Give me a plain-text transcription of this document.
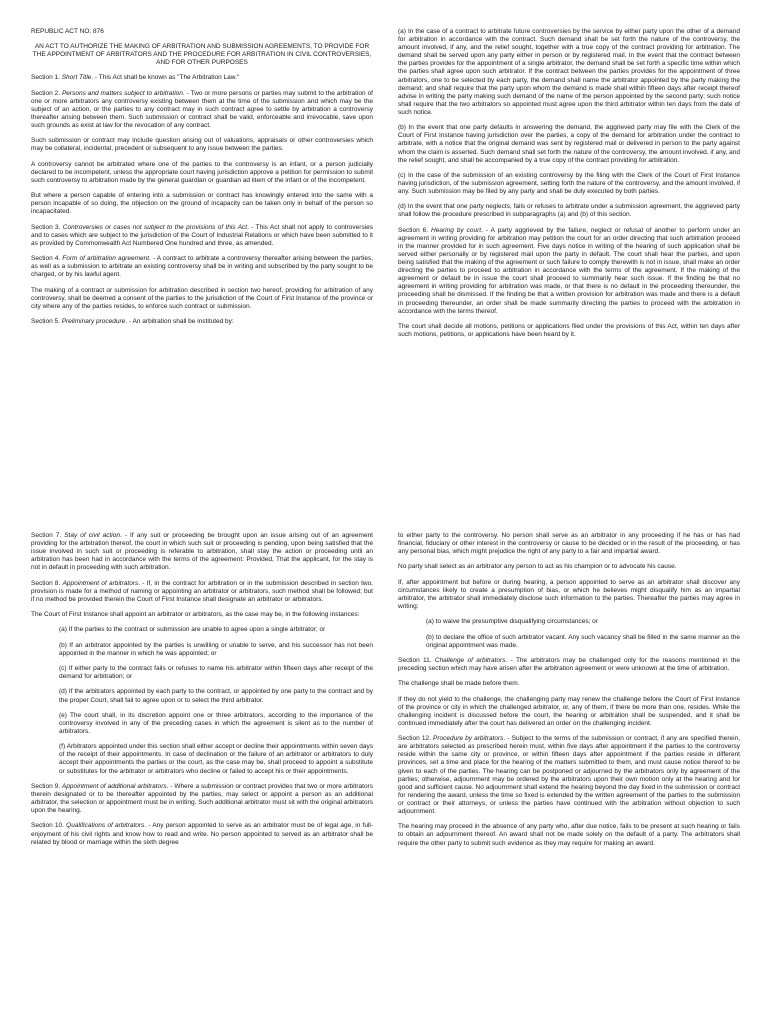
REPUBLIC ACT NO. 876

AN ACT TO AUTHORIZE THE MAKING OF ARBITRATION AND SUBMISSION AGREEMENTS, TO PROVIDE FOR THE APPOINTMENT OF ARBITRATORS AND THE PROCEDURE FOR ARBITRATION IN CIVIL CONTROVERSIES, AND FOR OTHER PURPOSES

Section 1. Short Title. - This Act shall be known as "The Arbitration Law."

Section 2. Persons and matters subject to arbitration. - Two or more persons or parties may submit to the arbitration of one or more arbitrators any controversy existing between them at the time of the submission and which may be the subject of an action, or the parties to any contract may in such contract agree to settle by arbitration a controversy thereafter arising between them. Such submission or contract shall be valid, enforceable and irrevocable, save upon such grounds as exist at law for the revocation of any contract.

Such submission or contract may include question arising out of valuations, appraisals or other controversies which may be collateral, incidental, precedent or subsequent to any issue between the parties.

A controversy cannot be arbitrated where one of the parties to the controversy is an infant, or a person judicially declared to be incompetent, unless the appropriate court having jurisdiction approve a petition for permission to submit such controversy to arbitration made by the general guardian or guardian ad litem of the infant or of the incompetent.

But where a person capable of entering into a submission or contract has knowingly entered into the same with a person incapable of so doing, the objection on the ground of incapacity can be taken only in behalf of the person so incapacitated.

Section 3. Controversies or cases not subject to the provisions of this Act. - This Act shall not apply to controversies and to cases which are subject to the jurisdiction of the Court of Industrial Relations or which have been submitted to it as provided by Commonwealth Act Numbered One hundred and three, as amended.

Section 4. Form of arbitration agreement. - A contract to arbitrate a controversy thereafter arising between the parties, as well as a submission to arbitrate an existing controversy shall be in writing and subscribed by the party sought to be charged, or by his lawful agent.

The making of a contract or submission for arbitration described in section two hereof, providing for arbitration of any controversy, shall be deemed a consent of the parties to the jurisdiction of the Court of First Instance of the province or city where any of the parties resides, to enforce such contract or submission.

Section 5. Preliminary procedure. - An arbitration shall be instituted by:

(a) In the case of a contract to arbitrate future controversies by the service by either party upon the other of a demand for arbitration in accordance with the contract. Such demand shall be set forth the nature of the controversy, the amount involved, if any, and the relief sought, together with a true copy of the contract providing for arbitration. The demand shall be served upon any party either in person or by registered mail. In the event that the contract between the parties provides for the appointment of a single arbitrator, the demand shall be set forth a specific time within which the parties shall agree upon such arbitrator. If the contract between the parties provides for the appointment of three arbitrators, one to be selected by each party, the demand shall name the arbitrator appointed by the party making the demand; and shall require that the party upon whom the demand is made shall within fifteen days after receipt thereof advise in writing the party making such demand of the name of the person appointed by the second party; such notice shall require that the two arbitrators so appointed must agree upon the third arbitrator within ten days from the date of such notice.

(b) In the event that one party defaults in answering the demand, the aggrieved party may file with the Clerk of the Court of First Instance having jurisdiction over the parties, a copy of the demand for arbitration under the contract to arbitrate, with a notice that the original demand was sent by registered mail or delivered in person to the party against whom the claim is asserted. Such demand shall set forth the nature of the controversy, the amount involved, if any, and the relief sought, and shall be accompanied by a true copy of the contract providing for arbitration.

(c) In the case of the submission of an existing controversy by the filing with the Clerk of the Court of First Instance having jurisdiction, of the submission agreement, setting forth the nature of the controversy, and the amount involved, if any. Such submission may be filed by any party and shall be duly executed by both parties.

(d) In the event that one party neglects, fails or refuses to arbitrate under a submission agreement, the aggrieved party shall follow the procedure prescribed in subparagraphs (a) and (b) of this section.

Section 6. Hearing by court. - A party aggrieved by the failure, neglect or refusal of another to perform under an agreement in writing providing for arbitration may petition the court for an order directing that such arbitration proceed in the manner provided for in such agreement. Five days notice in writing of the hearing of such application shall be served either personally or by registered mail upon the party in default. The court shall hear the parties, and upon being satisfied that the making of the agreement or such failure to comply therewith is not in issue, shall make an order directing the parties to proceed to arbitration in accordance with the terms of the agreement. If the making of the agreement or default be in issue the court shall proceed to summarily hear such issue. If the finding be that no agreement in writing providing for arbitration was made, or that there is no default in the proceeding thereunder, the proceeding shall be dismissed. If the finding be that a written provision for arbitration was made and there is a default in proceeding thereunder, an order shall be made summarily directing the parties to proceed with the arbitration in accordance with the terms thereof.

The court shall decide all motions, petitions or applications filed under the provisions of this Act, within ten days after such motions, petitions, or applications have been heard by it.

Section 7. Stay of civil action. - If any suit or proceeding be brought upon an issue arising out of an agreement providing for the arbitration thereof, the court in which such suit or proceeding is pending, upon being satisfied that the issue involved in such suit or proceeding is referable to arbitration, shall stay the action or proceeding until an arbitration has been had in accordance with the terms of the agreement: Provided, That the applicant, for the stay is not in default in proceeding with such arbitration.

Section 8. Appointment of arbitrators. - If, in the contract for arbitration or in the submission described in section two, provision is made for a method of naming or appointing an arbitrator or arbitrators, such method shall be followed; but if no method be provided therein the Court of First Instance shall designate an arbitrator or arbitrators.

The Court of First Instance shall appoint an arbitrator or arbitrators, as the case may be, in the following instances:

(a) If the parties to the contract or submission are unable to agree upon a single arbitrator; or

(b) If an arbitrator appointed by the parties is unwilling or unable to serve, and his successor has not been appointed in the manner in which he was appointed; or

(c) If either party to the contract fails or refuses to name his arbitrator within fifteen days after receipt of the demand for arbitration; or

(d) If the arbitrators appointed by each party to the contract, or appointed by one party to the contract and by the proper Court, shall fail to agree upon or to select the third arbitrator.

(e) The court shall, in its discretion appoint one or three arbitrators, according to the importance of the controversy involved in any of the preceding cases in which the agreement is silent as to the number of arbitrators.

(f) Arbitrators appointed under this section shall either accept or decline their appointments within seven days of the receipt of their appointments. In case of declination or the failure of an arbitrator or arbitrators to duly accept their appointments the parties or the court, as the case may be, shall proceed to appoint a substitute or substitutes for the arbitrator or arbitrators who decline or failed to accept his or their appointments.

Section 9. Appointment of additional arbitrators. - Where a submission or contract provides that two or more arbitrators therein designated or to be thereafter appointed by the parties, may select or appoint a person as an additional arbitrator, the selection or appointment must be in writing. Such additional arbitrator must sit with the original arbitrators upon the hearing.

Section 10. Qualifications of arbitrators. - Any person appointed to serve as an arbitrator must be of legal age, in full-enjoyment of his civil rights and know how to read and write. No person appointed to served as an arbitrator shall be related by blood or marriage within the sixth degree

to either party to the controversy. No person shall serve as an arbitrator in any proceeding if he has or has had financial, fiduciary or other interest in the controversy or cause to be decided or in the result of the proceeding, or has any personal bias, which might prejudice the right of any party to a fair and impartial award.

No party shall select as an arbitrator any person to act as his champion or to advocate his cause.

If, after appointment but before or during hearing, a person appointed to serve as an arbitrator shall discover any circumstances likely to create a presumption of bias, or which he believes might disqualify him as an impartial arbitrator, the arbitrator shall immediately disclose such information to the parties. Thereafter the parties may agree in writing:

(a) to waive the presumptive disqualifying circumstances; or

(b) to declare the office of such arbitrator vacant. Any such vacancy shall be filled in the same manner as the original appointment was made.

Section 11. Challenge of arbitrators. - The arbitrators may be challenged only for the reasons mentioned in the preceding section which may have arisen after the arbitration agreement or were unknown at the time of arbitration.

The challenge shall be made before them.

If they do not yield to the challenge, the challenging party may renew the challenge before the Court of First Instance of the province or city in which the challenged arbitrator, or, any of them, if there be more than one, resides. While the challenging incident is discussed before the court, the hearing or arbitration shall be suspended, and it shall be continued immediately after the court has delivered an order on the challenging incident.

Section 12. Procedure by arbitrators. - Subject to the terms of the submission or contract, if any are specified therein, are arbitrators selected as prescribed herein must, within five days after appointment if the parties to the controversy reside within the same city or province, or within fifteen days after appointment if the parties reside in different provinces, set a time and place for the hearing of the matters submitted to them, and must cause notice thereof to be given to each of the parties. The hearing can be postponed or adjourned by the arbitrators only by agreement of the parties; otherwise, adjournment may be ordered by the arbitrators upon their own motion only at the hearing and for good and sufficient cause. No adjournment shall extend the hearing beyond the day fixed in the submission or contract for rendering the award, unless the time so fixed is extended by the written agreement of the parties to the submission or contract or their attorneys, or unless the parties have continued with the arbitration without objection to such adjournment.

The hearing may proceed in the absence of any party who, after due notice, fails to be present at such hearing or fails to obtain an adjournment thereof. An award shall not be made solely on the default of a party. The arbitrators shall require the other party to submit such evidence as they may require for making an award.
